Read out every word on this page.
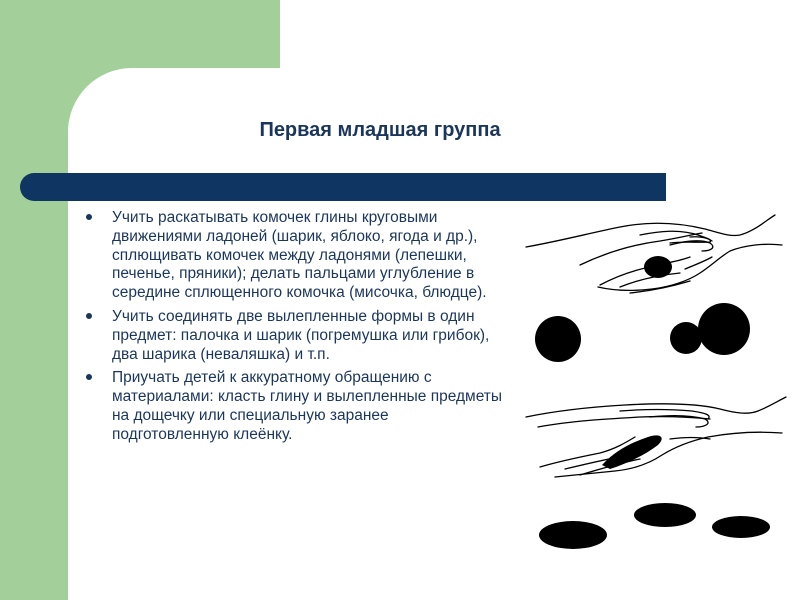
Первая младшая группа
Учить раскатывать комочек глины круговыми движениями ладоней (шарик, яблоко, ягода и др.), сплющивать комочек между ладонями (лепешки, печенье, пряники); делать пальцами углубление в середине сплющенного комочка (мисочка, блюдце).
Учить соединять две вылепленные формы в один предмет: палочка и шарик (погремушка или грибок), два шарика (неваляшка) и т.п.
Приучать детей к аккуратному обращению с материалами: класть глину и вылепленные предметы на дощечку или специальную заранее подготовленную клеёнку.
